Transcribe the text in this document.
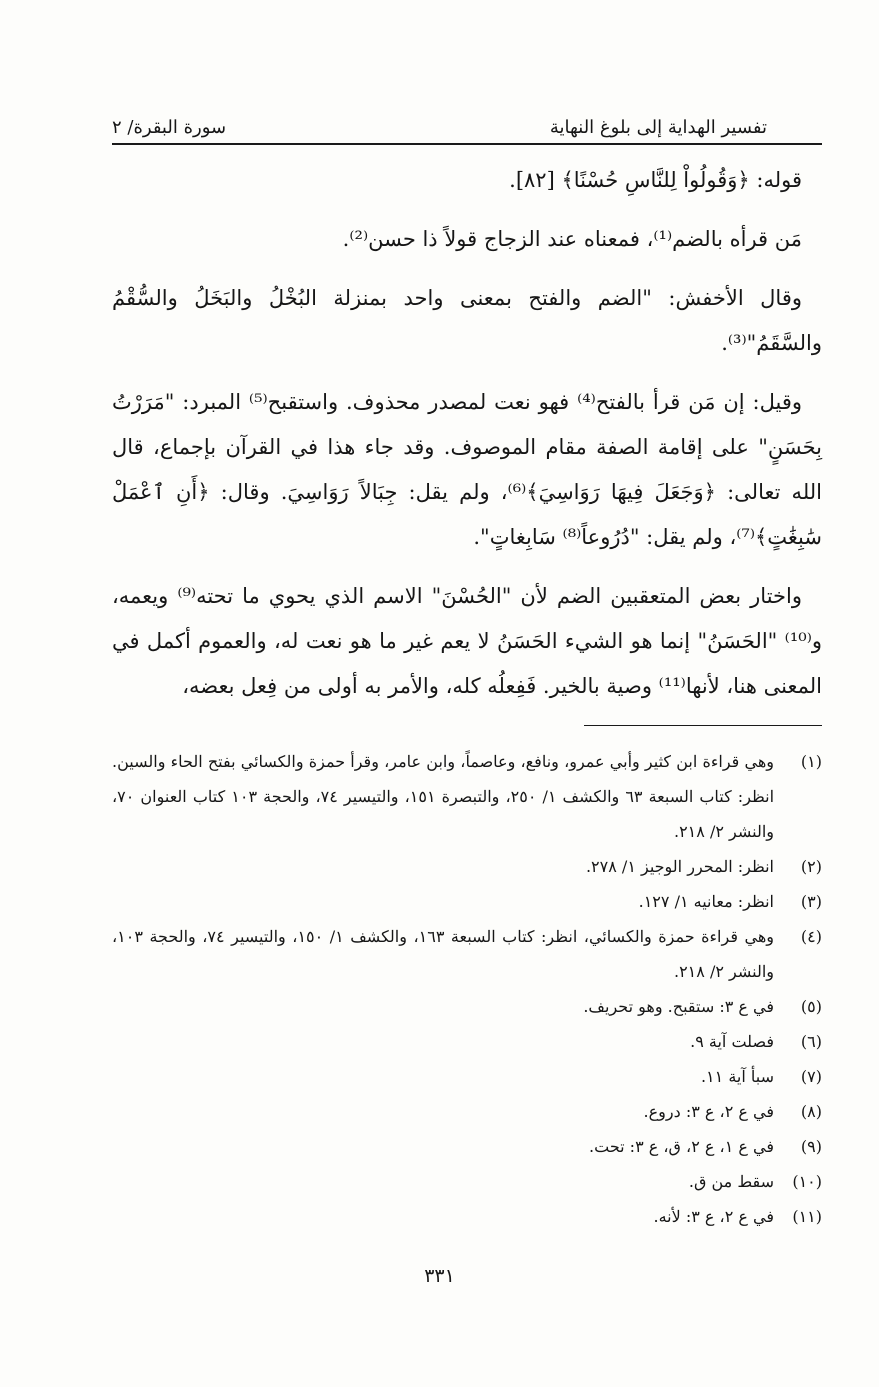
تفسير الهداية إلى بلوغ النهاية
سورة البقرة/ ٢

قوله: ﴿وَقُولُواْ لِلنَّاسِ حُسْنًا﴾ [٨٢].

مَن قرأه بالضم⁽¹⁾، فمعناه عند الزجاج قولاً ذا حسن⁽²⁾.

وقال الأخفش: "الضم والفتح بمعنى واحد بمنزلة البُخْلُ والبَخَلُ والسُّقْمُ والسَّقَمُ"⁽³⁾.

وقيل: إن مَن قرأ بالفتح⁽⁴⁾ فهو نعت لمصدر محذوف. واستقبح⁽⁵⁾ المبرد: "مَرَرْتُ بِحَسَنٍ" على إقامة الصفة مقام الموصوف. وقد جاء هذا في القرآن بإجماع، قال الله تعالى: ﴿وَجَعَلَ فِيهَا رَوَاسِيَ﴾⁽⁶⁾، ولم يقل: جِبَالاً رَوَاسِيَ. وقال: ﴿أَنِ ٱعْمَلْ سَٰبِغَٰتٍ﴾⁽⁷⁾، ولم يقل: "دُرُوعاً⁽⁸⁾ سَابِغاتٍ".

واختار بعض المتعقبين الضم لأن "الحُسْنَ" الاسم الذي يحوي ما تحته⁽⁹⁾ ويعمه، و⁽¹⁰⁾ "الحَسَنُ" إنما هو الشيء الحَسَنُ لا يعم غير ما هو نعت له، والعموم أكمل في المعنى هنا، لأنها⁽¹¹⁾ وصية بالخير. فَفِعلُه كله، والأمر به أولى من فِعل بعضه،

(١)
وهي قراءة ابن كثير وأبي عمرو، ونافع، وعاصماً، وابن عامر، وقرأ حمزة والكسائي بفتح الحاء والسين. انظر: كتاب السبعة ٦٣ والكشف ١/ ٢٥٠، والتبصرة ١٥١، والتيسير ٧٤، والحجة ١٠٣ كتاب العنوان ٧٠، والنشر ٢/ ٢١٨.
(٢)
انظر: المحرر الوجيز ١/ ٢٧٨.
(٣)
انظر: معانيه ١/ ١٢٧.
(٤)
وهي قراءة حمزة والكسائي، انظر: كتاب السبعة ١٦٣، والكشف ١/ ١٥٠، والتيسير ٧٤، والحجة ١٠٣، والنشر ٢/ ٢١٨.
(٥)
في ع ٣: ستقبح. وهو تحريف.
(٦)
فصلت آية ٩.
(٧)
سبأ آية ١١.
(٨)
في ع ٢، ع ٣: دروع.
(٩)
في ع ١، ع ٢، ق، ع ٣: تحت.
(١٠)
سقط من ق.
(١١)
في ع ٢، ع ٣: لأنه.
٣٣١
